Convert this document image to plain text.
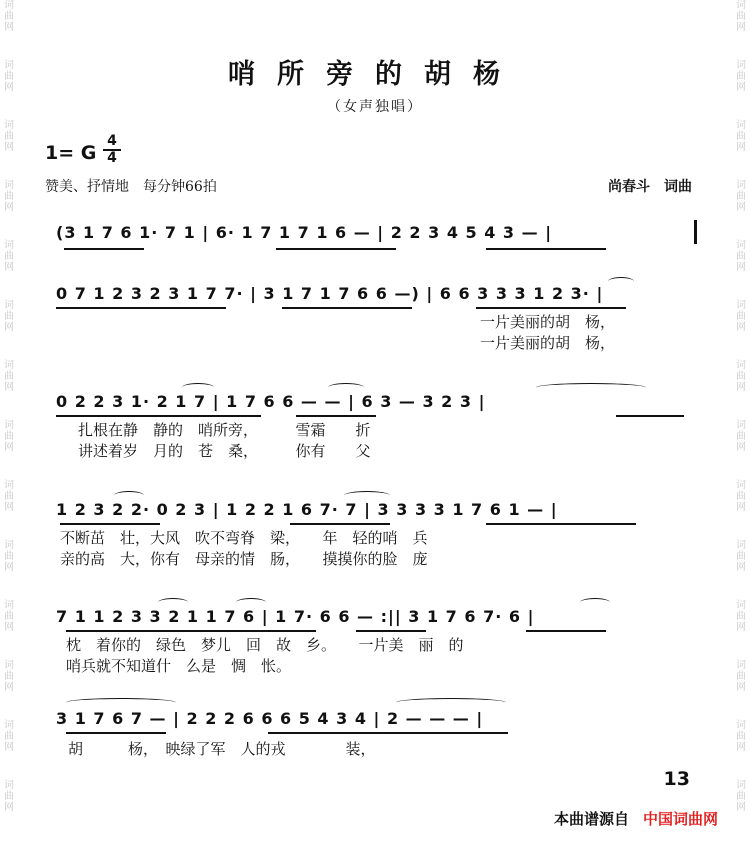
词
曲
网
词
曲
网
词
曲
网
词
曲
网
词
曲
网
词
曲
网
词
曲
网
词
曲
网
词
曲
网
词
曲
网
词
曲
网
词
曲
网
词
曲
网
词
曲
网
词
曲
网
词
曲
网
词
曲
网
词
曲
网
词
曲
网
词
曲
网
词
曲
网
词
曲
网
词
曲
网
词
曲
网
词
曲
网
词
曲
网
词
曲
网
词
曲
网
哨所旁的胡杨
（女声独唱）
1= G $\frac{4}{4}$
赞美、抒情地　每分钟66拍	尚春斗　词曲
(3 1 7 6 1· 7 1 | 6· 1 7 1 7 1 6 — | 2 2 3 4 5 4 3 — |
0 7 1 2 3 2 3 1 7 7· | 3 1 7 1 7 6 6 —) | 6 6 3 3 3 1 2 3· |
一片美丽的胡　杨，
一片美丽的胡　杨，
0 2 2 3 1· 2 1 7 | 1 7 6 6 — — | 6 3 — 3 2 3 |
扎根在静　静的　哨所旁，　　　雪霜　　折
讲述着岁　月的　苍　桑，　　　你有　　父
1 2 3 2 2· 0 2 3 | 1 2 2 1 6 7· 7 | 3 3 3 3 1 7 6 1 — |
不断茁　壮，大风　吹不弯脊　梁，　　年　轻的哨　兵
亲的高　大，你有　母亲的情　肠，　　摸摸你的脸　庞
7 1 1 2 3 3 2 1 1 7 6 | 1 7· 6 6 — :|| 3 1 7 6 7· 6 |
枕　着你的　绿色　梦儿　回　故　乡。　　一片美　丽　的
哨兵就不知道什　么是　惆　怅。
3 1 7 6 7 — | 2 2 2 6 6 6 5 4 3 4 | 2 — — — |
胡　　　杨，　映绿了军　人的戎　　　　装，
13
本曲谱源自 中国词曲网
